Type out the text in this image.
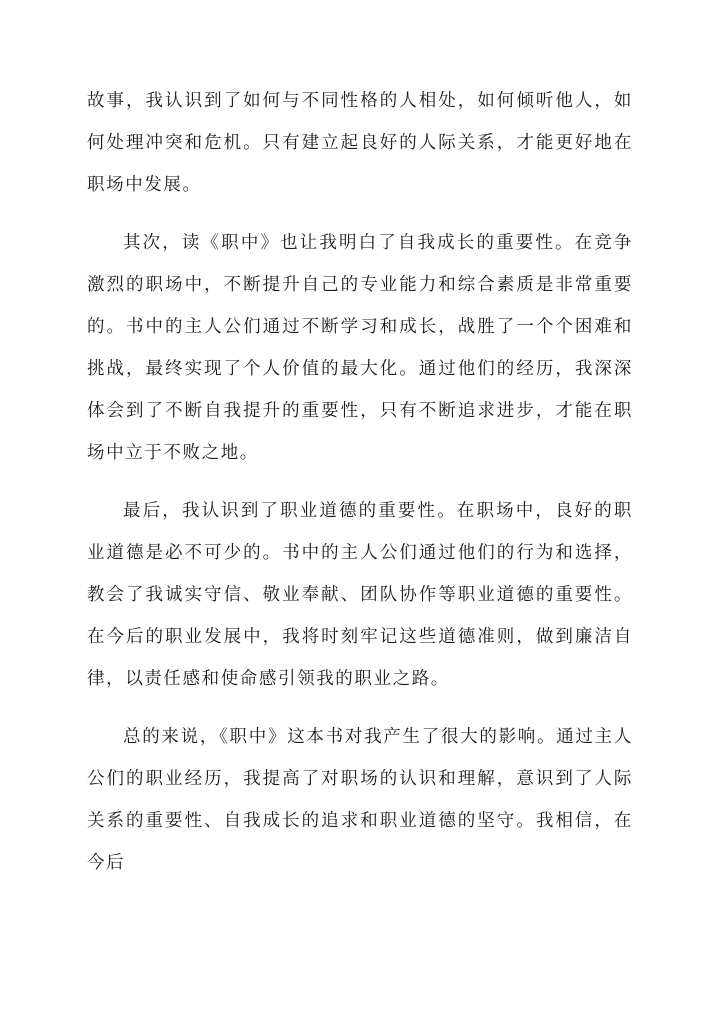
故事，我认识到了如何与不同性格的人相处，如何倾听他人，如何处理冲突和危机。只有建立起良好的人际关系，才能更好地在职场中发展。

其次，读《职中》也让我明白了自我成长的重要性。在竞争激烈的职场中，不断提升自己的专业能力和综合素质是非常重要的。书中的主人公们通过不断学习和成长，战胜了一个个困难和挑战，最终实现了个人价值的最大化。通过他们的经历，我深深体会到了不断自我提升的重要性，只有不断追求进步，才能在职场中立于不败之地。

最后，我认识到了职业道德的重要性。在职场中，良好的职业道德是必不可少的。书中的主人公们通过他们的行为和选择，教会了我诚实守信、敬业奉献、团队协作等职业道德的重要性。在今后的职业发展中，我将时刻牢记这些道德准则，做到廉洁自律，以责任感和使命感引领我的职业之路。

总的来说，《职中》这本书对我产生了很大的影响。通过主人公们的职业经历，我提高了对职场的认识和理解，意识到了人际关系的重要性、自我成长的追求和职业道德的坚守。我相信，在今后
